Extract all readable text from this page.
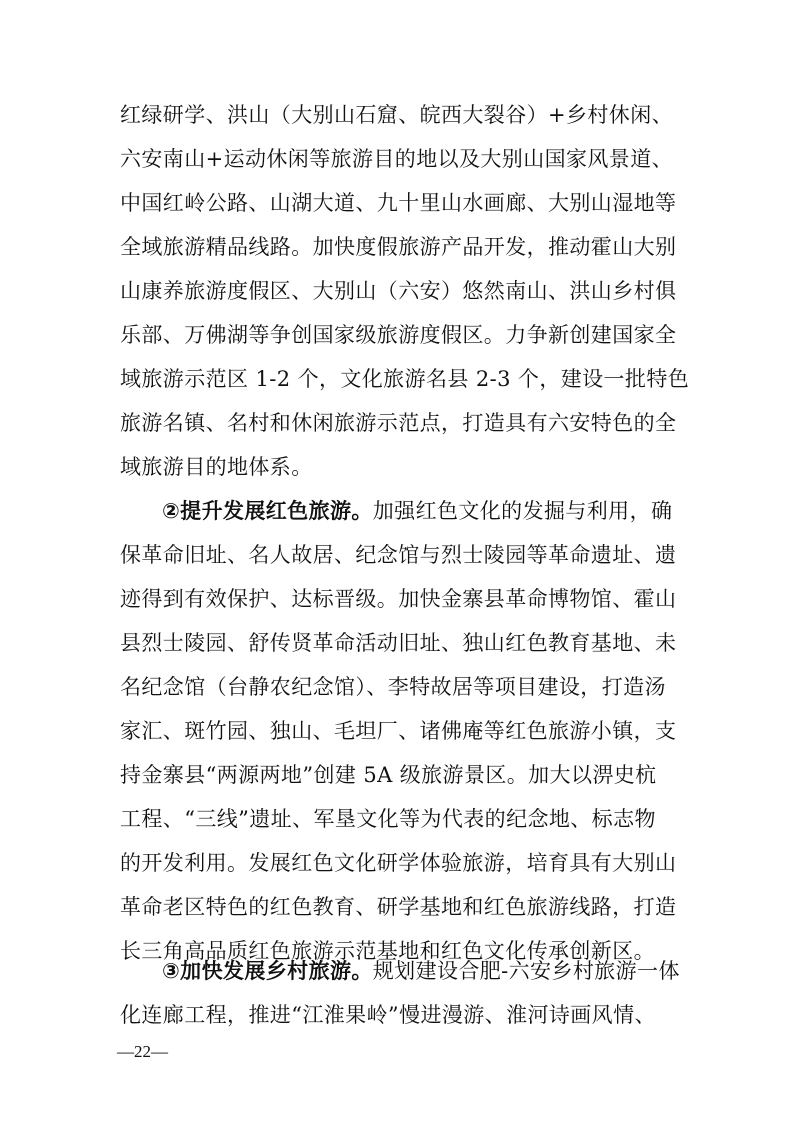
红绿研学、洪山（大别山石窟、皖西大裂谷）+乡村休闲、
六安南山+运动休闲等旅游目的地以及大别山国家风景道、
中国红岭公路、山湖大道、九十里山水画廊、大别山湿地等
全域旅游精品线路。加快度假旅游产品开发，推动霍山大别
山康养旅游度假区、大别山（六安）悠然南山、洪山乡村俱
乐部、万佛湖等争创国家级旅游度假区。力争新创建国家全
域旅游示范区 1-2 个，文化旅游名县 2-3 个，建设一批特色
旅游名镇、名村和休闲旅游示范点，打造具有六安特色的全
域旅游目的地体系。
②提升发展红色旅游。加强红色文化的发掘与利用，确
保革命旧址、名人故居、纪念馆与烈士陵园等革命遗址、遗
迹得到有效保护、达标晋级。加快金寨县革命博物馆、霍山
县烈士陵园、舒传贤革命活动旧址、独山红色教育基地、未
名纪念馆（台静农纪念馆）、李特故居等项目建设，打造汤
家汇、斑竹园、独山、毛坦厂、诸佛庵等红色旅游小镇，支
持金寨县“两源两地”创建 5A 级旅游景区。加大以淠史杭
工程、“三线”遗址、军垦文化等为代表的纪念地、标志物
的开发利用。发展红色文化研学体验旅游，培育具有大别山
革命老区特色的红色教育、研学基地和红色旅游线路，打造
长三角高品质红色旅游示范基地和红色文化传承创新区。
③加快发展乡村旅游。规划建设合肥-六安乡村旅游一体
化连廊工程，推进“江淮果岭”慢进漫游、淮河诗画风情、
—22—
